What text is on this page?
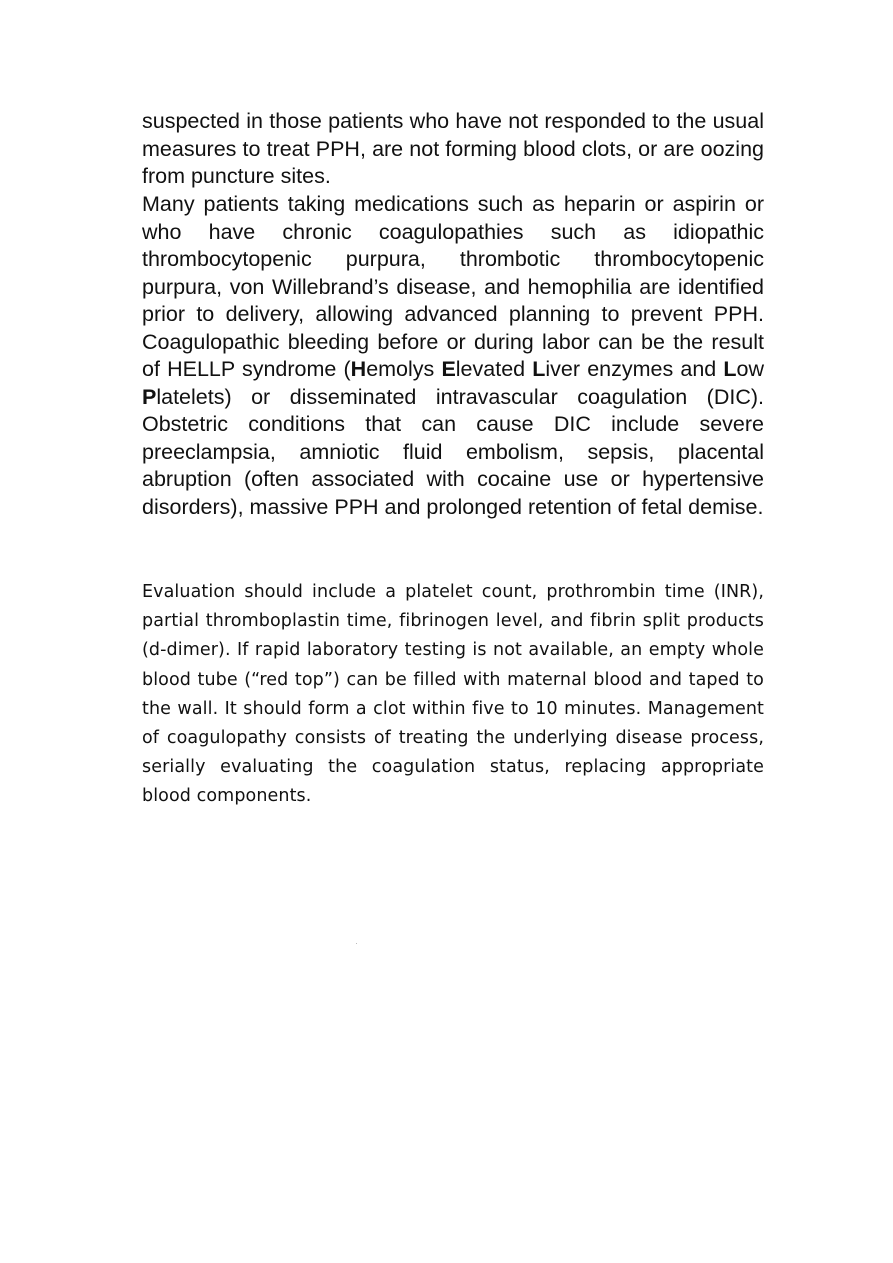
suspected in those patients who have not responded to the usual measures to treat PPH, are not forming blood clots, or are oozing from puncture sites.

Many patients taking medications such as heparin or aspirin or who have chronic coagulopathies such as idiopathic thrombocytopenic purpura, thrombotic thrombocytopenic purpura, von Willebrand’s disease, and hemophilia are identified prior to delivery, allowing advanced planning to prevent PPH. Coagulopathic bleeding before or during labor can be the result of HELLP syndrome (Hemolys Elevated Liver enzymes and Low Platelets) or disseminated intravascular coagulation (DIC). Obstetric conditions that can cause DIC include severe preeclampsia, amniotic fluid embolism, sepsis, placental abruption (often associated with cocaine use or hypertensive disorders), massive PPH and prolonged retention of fetal demise.

Evaluation should include a platelet count, prothrombin time (INR), partial thromboplastin time, fibrinogen level, and fibrin split products (d-dimer). If rapid laboratory testing is not available, an empty whole blood tube (“red top”) can be filled with maternal blood and taped to the wall. It should form a clot within five to 10 minutes. Management of coagulopathy consists of treating the underlying disease process, serially evaluating the coagulation status, replacing appropriate blood components.
